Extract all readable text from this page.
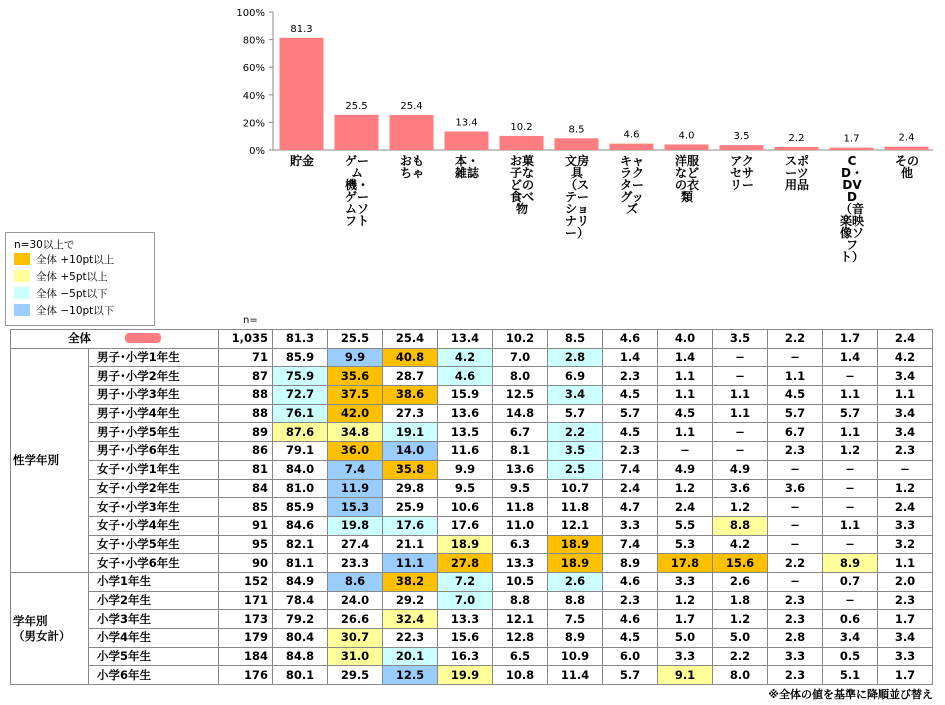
0%
20%
40%
60%
80%
100%
81.3
25.5	25.4
13.4	10.2	8.5	4.6	4.0	3.5	2.2	1.7	2.4
貯金	ゲーム機・ゲームソフト
おもちゃ
本・雑誌
お菓子などの食べ物
文房具（ステーショナリー）
キャラクターグッズ
洋服などの衣類
アクセサリー
スポーツ用品
CD・DVD（音楽映像ソフト）
その他
n=30以上で
全体 +10pt以上
全体 +5pt以上
全体 −5pt以下
全体 −10pt以下
n=
全体		1,035	81.3	25.5	25.4	13.4	10.2	8.5	4.6	4.0	3.5	2.2	1.7	2.4
性学年別	男子･小学1年生	71	85.9	9.9	40.8	4.2	7.0	2.8	1.4	1.4	−	−	1.4	4.2
	男子･小学2年生	87	75.9	35.6	28.7	4.6	8.0	6.9	2.3	1.1	−	1.1	−	3.4
	男子･小学3年生	88	72.7	37.5	38.6	15.9	12.5	3.4	4.5	1.1	1.1	4.5	1.1	1.1
	男子･小学4年生	88	76.1	42.0	27.3	13.6	14.8	5.7	5.7	4.5	1.1	5.7	5.7	3.4
	男子･小学5年生	89	87.6	34.8	19.1	13.5	6.7	2.2	4.5	1.1	−	6.7	1.1	3.4
	男子･小学6年生	86	79.1	36.0	14.0	11.6	8.1	3.5	2.3	−	−	2.3	1.2	2.3
	女子･小学1年生	81	84.0	7.4	35.8	9.9	13.6	2.5	7.4	4.9	4.9	−	−	−
	女子･小学2年生	84	81.0	11.9	29.8	9.5	9.5	10.7	2.4	1.2	3.6	3.6	−	1.2
	女子･小学3年生	85	85.9	15.3	25.9	10.6	11.8	11.8	4.7	2.4	1.2	−	−	2.4
	女子･小学4年生	91	84.6	19.8	17.6	17.6	11.0	12.1	3.3	5.5	8.8	−	1.1	3.3
	女子･小学5年生	95	82.1	27.4	21.1	18.9	6.3	18.9	7.4	5.3	4.2	−	−	3.2
	女子･小学6年生	90	81.1	23.3	11.1	27.8	13.3	18.9	8.9	17.8	15.6	2.2	8.9	1.1
学年別
（男女計）	小学1年生	152	84.9	8.6	38.2	7.2	10.5	2.6	4.6	3.3	2.6	−	0.7	2.0
	小学2年生	171	78.4	24.0	29.2	7.0	8.8	8.8	2.3	1.2	1.8	2.3	−	2.3
	小学3年生	173	79.2	26.6	32.4	13.3	12.1	7.5	4.6	1.7	1.2	2.3	0.6	1.7
	小学4年生	179	80.4	30.7	22.3	15.6	12.8	8.9	4.5	5.0	5.0	2.8	3.4	3.4
	小学5年生	184	84.8	31.0	20.1	16.3	6.5	10.9	6.0	3.3	2.2	3.3	0.5	3.3
	小学6年生	176	80.1	29.5	12.5	19.9	10.8	11.4	5.7	9.1	8.0	2.3	5.1	1.7
※全体の値を基準に降順並び替え
